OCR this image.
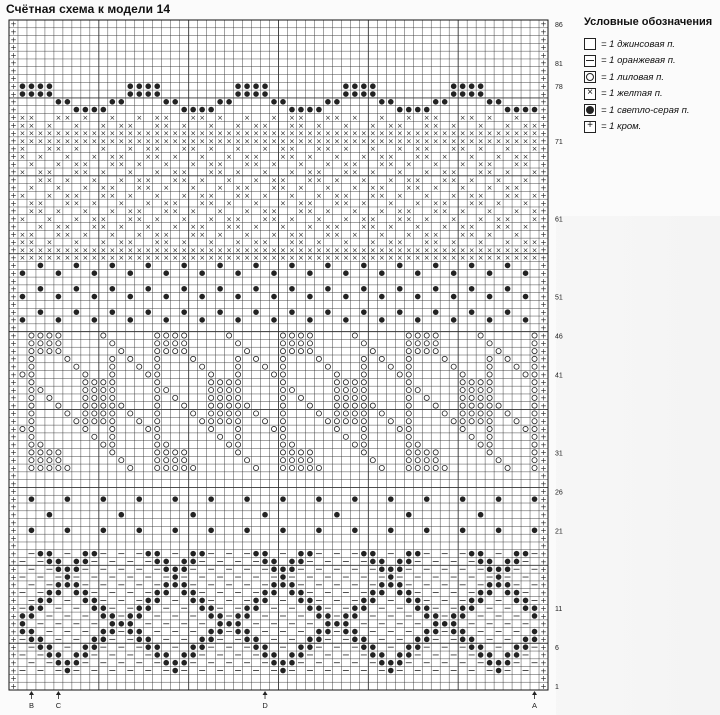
Счётная схема к модели 14
+	+
+	+
+	+
+	+
+	+
+	+
+	+
+	+
+	+
+	+
+	+
+	+
+	+
+	+
+	+
+	+
+	+
+	+
+	+
+	+
+	+
+	+
+	+
+	+
+	+
+	+
+	+
+	+
+	+
+	+
+	+
+	+
+	+
+	+
+	+
+	+
+	+
+	+
+	+
+	+
+	+
+	+
+	+
+	+
+	+
+	+
+	+
+	+
+	+
+	+
+	+
+	+
+	+
+	+
+	+
+ × × × × × × × × × × × × × × × × × × × × × × × × × × × × × × × × × × × × × × × × × × × × × × × × × × × × × × × × × × +
+ × × × × × × × × × × × × × × × × × × × × × × × × × × × × × × × × × × × × × × × × × × × × × × × × × × × × × × × × × × +
+ × × ×	×	× × ×	× × ×	×	× × ×	× × ×	×	× × ×	× × ×	×	× × × +
+ × ×	× × ×	×	× × ×	× × ×	×	× × ×	× × ×	×	× × ×	× × ×	×	+
+	× × ×	× × ×	×	× × ×	× × ×	×	× × ×	× × ×	×	× × ×	× × × +
+ ×	×	× × ×	× × ×	×	× × ×	× × ×	×	× × ×	× × ×	×	× × ×	× +
+ × × ×	×	× × ×	× × ×	×	× × ×	× × ×	×	× × ×	× × ×	×	× × +
+ × ×	× × ×	×	× × ×	× × ×	×	× × ×	× × ×	×	× × ×	× × ×	× +
+ ×	× × ×	× × ×	×	× × ×	× × ×	×	× × ×	× × ×	×	× × ×	× × × +
+ ×	×	× × ×	× × ×	×	× × ×	× × ×	×	× × ×	× × ×	×	× × ×	+
+	× × ×	×	× × ×	× × ×	×	× × ×	× × ×	×	× × ×	× × ×	×	× +
+ × × ×	× × ×	×	× × ×	× × ×	×	× × ×	× × ×	×	× × ×	× × ×	× +
+ ×	× × ×	× × ×	×	× × ×	× × ×	×	× × ×	× × ×	×	× × ×	× × +
+ × ×	×	× × ×	× × ×	×	× × ×	× × ×	×	× × ×	× × ×	×	× × × +
+ ×	× × ×	×	× × ×	× × ×	×	× × ×	× × ×	×	× × ×	× × ×	×	× +
+ × × × × × × × × × × × × × × × × × × × × × × × × × × × × × × × × × × × × × × × × × × × × × × × × × × × × × × × × × × +
+ × × × × × × × × × × × × × × × × × × × × × × × × × × × × × × × × × × × × × × × × × × × × × × × × × × × × × × × × × × +
+ × × ×	×	× × ×	× × ×	×	× × ×	× × ×	×	× × ×	× × ×	×	× × × +
+ × ×	× × ×	×	× × ×	× × ×	×	× × ×	× × ×	×	× × ×	× × ×	×	+
+	+
+	+
+	+
+	+
+	+
+	+
+	+
+	+
+	+
+	+
+	+
+	+
1
6
11
21
26
31
41
46
51
61
71
78
81
86
B	C	D	A
Условные обозначения
= 1 джинсовая п.
= 1 оранжевая п.
= 1 лиловая п.
× = 1 желтая п.
= 1 светло-серая п.
+ = 1 кром.
